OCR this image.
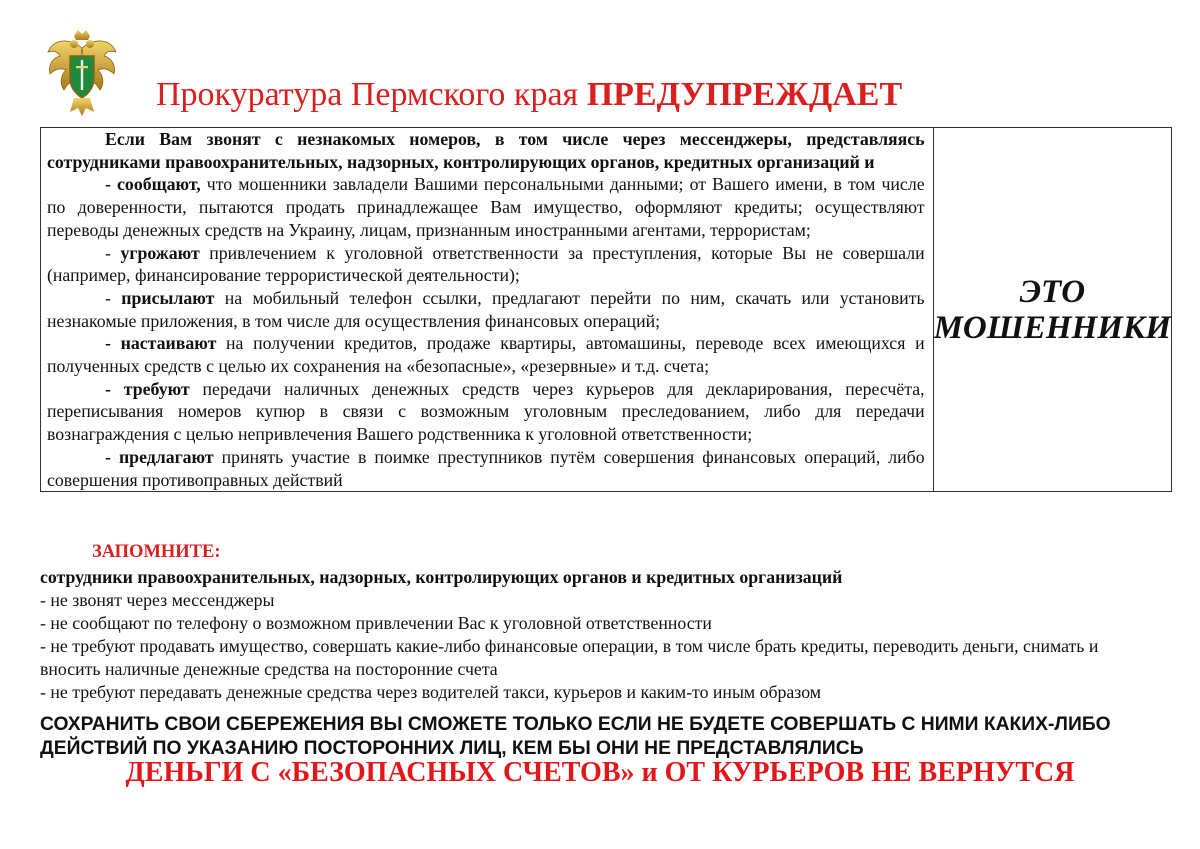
Прокуратура Пермского края ПРЕДУПРЕЖДАЕТ

Если Вам звонят с незнакомых номеров, в том числе через мессенджеры, представляясь сотрудниками правоохранительных, надзорных, контролирующих органов, кредитных организаций и

- сообщают, что мошенники завладели Вашими персональными данными; от Вашего имени, в том числе по доверенности, пытаются продать принадлежащее Вам имущество, оформляют кредиты; осуществляют переводы денежных средств на Украину, лицам, признанным иностранными агентами, террористам;

- угрожают привлечением к уголовной ответственности за преступления, которые Вы не совершали (например, финансирование террористической деятельности);

- присылают на мобильный телефон ссылки, предлагают перейти по ним, скачать или установить незнакомые приложения, в том числе для осуществления финансовых операций;

- настаивают на получении кредитов, продаже квартиры, автомашины, переводе всех имеющихся и полученных средств с целью их сохранения на «безопасные», «резервные» и т.д. счета;

- требуют передачи наличных денежных средств через курьеров для декларирования, пересчёта, переписывания номеров купюр в связи с возможным уголовным преследованием, либо для передачи вознаграждения с целью непривлечения Вашего родственника к уголовной ответственности;

- предлагают принять участие в поимке преступников путём совершения финансовых операций, либо совершения противоправных действий

ЭТО
МОШЕННИКИ
ЗАПОМНИТЕ:

сотрудники правоохранительных, надзорных, контролирующих органов и кредитных организаций

- не звонят через мессенджеры

- не сообщают по телефону о возможном привлечении Вас к уголовной ответственности

- не требуют продавать имущество, совершать какие-либо финансовые операции, в том числе брать кредиты, переводить деньги, снимать и вносить наличные денежные средства на посторонние счета

- не требуют передавать денежные средства через водителей такси, курьеров и каким-то иным образом

СОХРАНИТЬ СВОИ СБЕРЕЖЕНИЯ ВЫ СМОЖЕТЕ ТОЛЬКО ЕСЛИ НЕ БУДЕТЕ СОВЕРШАТЬ С НИМИ КАКИХ-ЛИБО ДЕЙСТВИЙ ПО УКАЗАНИЮ ПОСТОРОННИХ ЛИЦ, КЕМ БЫ ОНИ НЕ ПРЕДСТАВЛЯЛИСЬ
ДЕНЬГИ С «БЕЗОПАСНЫХ СЧЕТОВ» и ОТ КУРЬЕРОВ НЕ ВЕРНУТСЯ
